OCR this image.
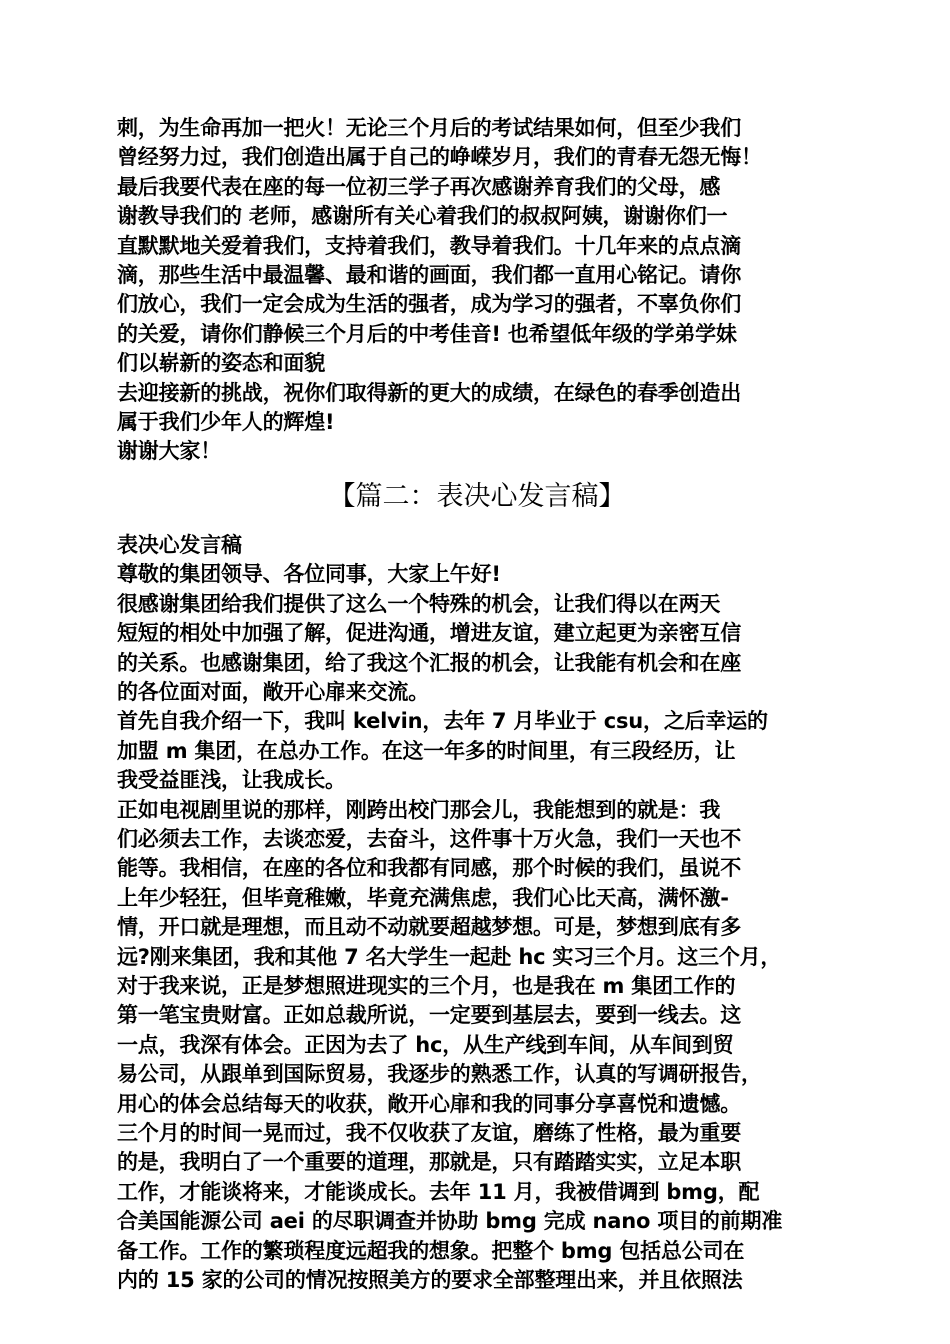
刺，为生命再加一把火！无论三个月后的考试结果如何，但至少我们
曾经努力过，我们创造出属于自己的峥嵘岁月，我们的青春无怨无悔！
最后我要代表在座的每一位初三学子再次感谢养育我们的父母，感
谢教导我们的 老师，感谢所有关心着我们的叔叔阿姨，谢谢你们一
直默默地关爱着我们，支持着我们，教导着我们。十几年来的点点滴
滴，那些生活中最温馨、最和谐的画面，我们都一直用心铭记。请你
们放心，我们一定会成为生活的强者，成为学习的强者，不辜负你们
的关爱，请你们静候三个月后的中考佳音! 也希望低年级的学弟学妹
们以崭新的姿态和面貌
去迎接新的挑战，祝你们取得新的更大的成绩，在绿色的春季创造出
属于我们少年人的辉煌!
谢谢大家！
【篇二：表决心发言稿】
表决心发言稿
尊敬的集团领导、各位同事，大家上午好!
很感谢集团给我们提供了这么一个特殊的机会，让我们得以在两天
短短的相处中加强了解，促进沟通，增进友谊，建立起更为亲密互信
的关系。也感谢集团，给了我这个汇报的机会，让我能有机会和在座
的各位面对面，敞开心扉来交流。
首先自我介绍一下，我叫 kelvin，去年 7 月毕业于 csu，之后幸运的
加盟 m 集团，在总办工作。在这一年多的时间里，有三段经历，让
我受益匪浅，让我成长。
正如电视剧里说的那样，刚跨出校门那会儿，我能想到的就是：我
们必须去工作，去谈恋爱，去奋斗，这件事十万火急，我们一天也不
能等。我相信，在座的各位和我都有同感，那个时候的我们，虽说不
上年少轻狂，但毕竟稚嫩，毕竟充满焦虑，我们心比天高，满怀激-
情，开口就是理想，而且动不动就要超越梦想。可是，梦想到底有多
远?刚来集团，我和其他 7 名大学生一起赴 hc 实习三个月。这三个月，
对于我来说，正是梦想照进现实的三个月，也是我在 m 集团工作的
第一笔宝贵财富。正如总裁所说，一定要到基层去，要到一线去。这
一点，我深有体会。正因为去了 hc，从生产线到车间，从车间到贸
易公司，从跟单到国际贸易，我逐步的熟悉工作，认真的写调研报告，
用心的体会总结每天的收获，敞开心扉和我的同事分享喜悦和遗憾。
三个月的时间一晃而过，我不仅收获了友谊，磨练了性格，最为重要
的是，我明白了一个重要的道理，那就是，只有踏踏实实，立足本职
工作，才能谈将来，才能谈成长。去年 11 月，我被借调到 bmg，配
合美国能源公司 aei 的尽职调查并协助 bmg 完成 nano 项目的前期准
备工作。工作的繁琐程度远超我的想象。把整个 bmg 包括总公司在
内的 15 家的公司的情况按照美方的要求全部整理出来，并且依照法
